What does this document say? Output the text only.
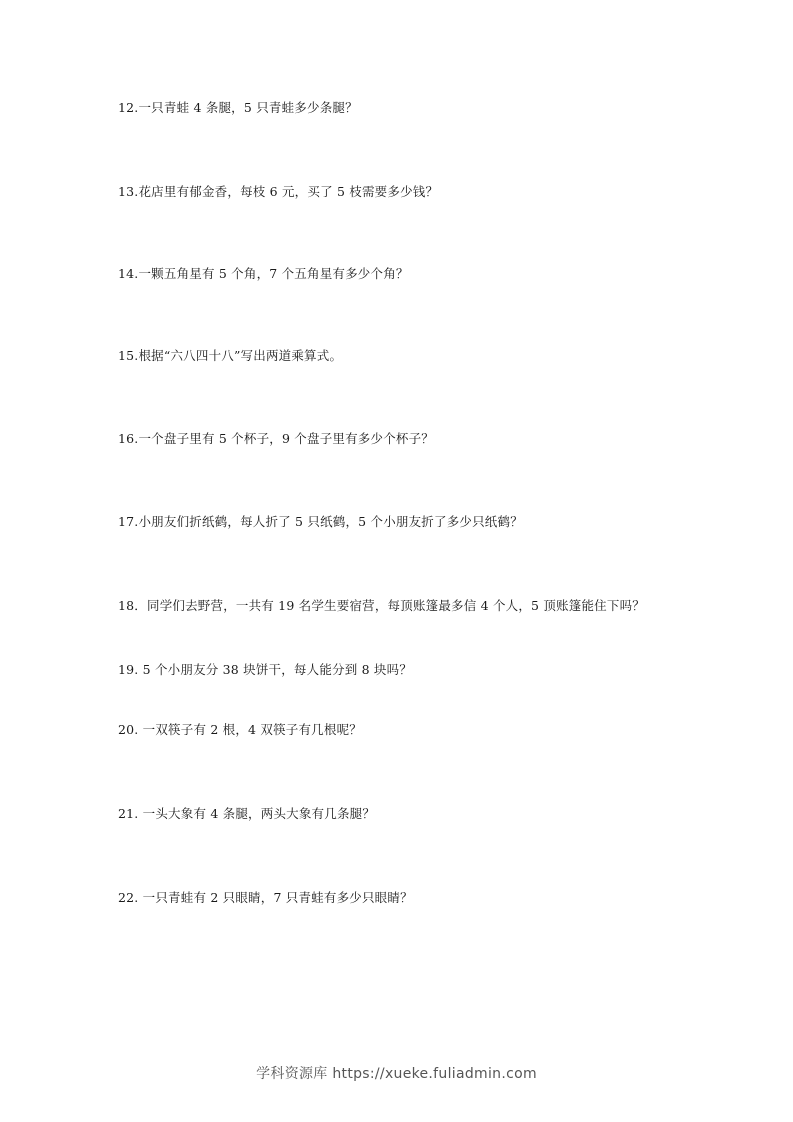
12.一只青蛙 4 条腿，5 只青蛙多少条腿？
13.花店里有郁金香，每枝 6 元，买了 5 枝需要多少钱？
14.一颗五角星有 5 个角，7 个五角星有多少个角？
15.根据“六八四十八”写出两道乘算式。
16.一个盘子里有 5 个杯子，9 个盘子里有多少个杯子？
17.小朋友们折纸鹤，每人折了 5 只纸鹤，5 个小朋友折了多少只纸鹤？
18．同学们去野营，一共有 19 名学生要宿营，每顶账篷最多信 4 个人，5 顶账篷能住下吗？
19. 5 个小朋友分 38 块饼干，每人能分到 8 块吗？
20. 一双筷子有 2 根，4 双筷子有几根呢？
21. 一头大象有 4 条腿，两头大象有几条腿？
22. 一只青蛙有 2 只眼睛，7 只青蛙有多少只眼睛？
学科资源库 https://xueke.fuliadmin.com
